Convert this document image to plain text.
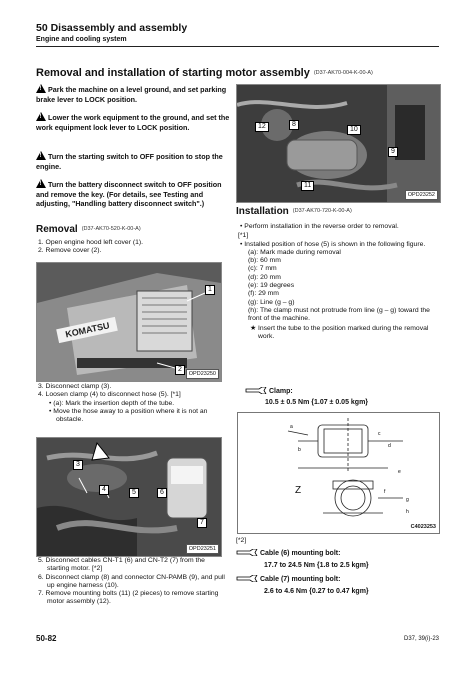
50 Disassembly and assembly
Engine and cooling system
Removal and installation of starting motor assembly (D37-AK70-004-K-00-A)
!Park the machine on a level ground, and set parking brake lever to LOCK position.
!Lower the work equipment to the ground, and set the work equipment lock lever to LOCK position.
!Turn the starting switch to OFF position to stop the engine.
!Turn the battery disconnect switch to OFF position and remove the key. (For details, see Testing and adjusting, "Handling battery disconnect switch".)
Removal (D37-AK70-520-K-00-A)
1. Open engine hood left cover (1).
2. Remove cover (2).
KOMATSU
1
2
OPD23250
3. Disconnect clamp (3).
4. Loosen clamp (4) to disconnect hose (5). [*1]
• (a): Mark the insertion depth of the tube.
• Move the hose away to a position where it is not an obstacle.
3
4	5	6
7
OPD23251
5. Disconnect cables CN-T1 (6) and CN-T2 (7) from the starting motor. [*2]
6. Disconnect clamp (8) and connector CN-PAMB (9), and pull up engine harness (10).
7. Remove mounting bolts (11) (2 pieces) to remove starting motor assembly (12).
12	8
10
9
11
OPD23252
Installation (D37-AK70-720-K-00-A)
• Perform installation in the reverse order to removal.
[*1]
• Installed position of hose (5) is shown in the following figure.
(a): Mark made during removal
(b): 60 mm
(c): 7 mm
(d): 20 mm
(e): 19 degrees
(f): 29 mm
(g): Line (g – g)
(h): The clamp must not protrude from line (g – g) toward the front of the machine.
★ Insert the tube to the position marked during the removal work.
Clamp:
10.5 ± 0.5 Nm {1.07 ± 0.05 kgm}
a
b
c
d
e
f
g
h
Z
C4023253
[*2]
Cable (6) mounting bolt:
17.7 to 24.5 Nm {1.8 to 2.5 kgm}
Cable (7) mounting bolt:
2.6 to 4.6 Nm {0.27 to 0.47 kgm}
50-82	D37, 39(i)-23
